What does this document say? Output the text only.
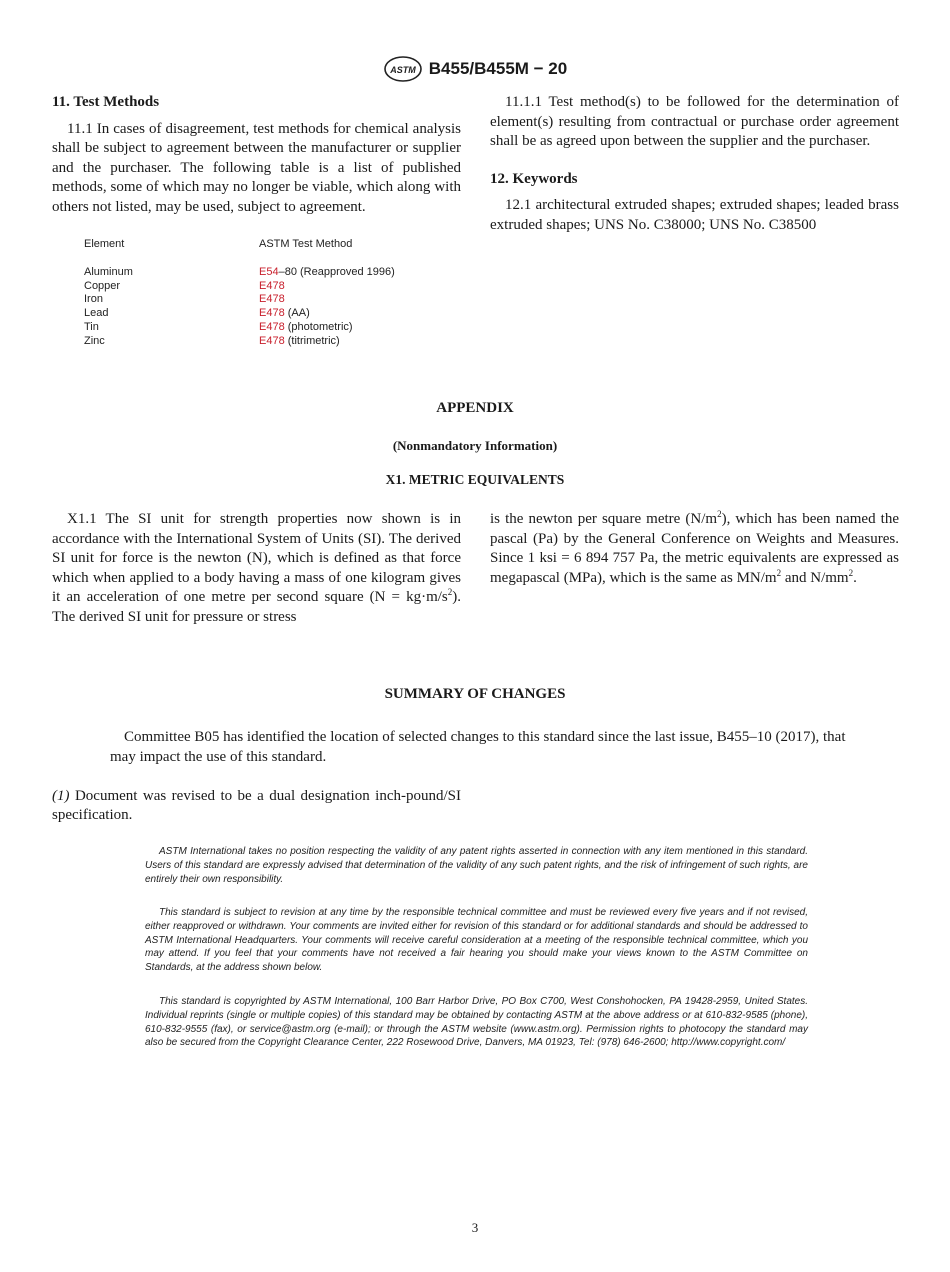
ASTM B455/B455M − 20
11. Test Methods

11.1 In cases of disagreement, test methods for chemical analysis shall be subject to agreement between the manufacturer or supplier and the purchaser. The following table is a list of published methods, some of which may no longer be viable, which along with others not listed, may be used, subject to agreement.

Element	ASTM Test Method
Aluminum	E54–80 (Reapproved 1996)
Copper	E478
Iron	E478
Lead	E478 (AA)
Tin	E478 (photometric)
Zinc	E478 (titrimetric)

11.1.1 Test method(s) to be followed for the determination of element(s) resulting from contractual or purchase order agreement shall be as agreed upon between the supplier and the purchaser.

12. Keywords

12.1 architectural extruded shapes; extruded shapes; leaded brass extruded shapes; UNS No. C38000; UNS No. C38500

APPENDIX
(Nonmandatory Information)
X1. METRIC EQUIVALENTS

X1.1 The SI unit for strength properties now shown is in accordance with the International System of Units (SI). The derived SI unit for force is the newton (N), which is defined as that force which when applied to a body having a mass of one kilogram gives it an acceleration of one metre per second square $(N = kg\cdot m/s^2)$. The derived SI unit for pressure or stress

is the newton per square metre $(N/m^2)$, which has been named the pascal (Pa) by the General Conference on Weights and Measures. Since 1 ksi = 6 894 757 Pa, the metric equivalents are expressed as megapascal (MPa), which is the same as $MN/m^2$ and $N/mm^2$.

SUMMARY OF CHANGES

Committee B05 has identified the location of selected changes to this standard since the last issue, B455–10 (2017), that may impact the use of this standard.

(1) Document was revised to be a dual designation inch-pound/SI specification.

ASTM International takes no position respecting the validity of any patent rights asserted in connection with any item mentioned in this standard. Users of this standard are expressly advised that determination of the validity of any such patent rights, and the risk of infringement of such rights, are entirely their own responsibility.

This standard is subject to revision at any time by the responsible technical committee and must be reviewed every five years and if not revised, either reapproved or withdrawn. Your comments are invited either for revision of this standard or for additional standards and should be addressed to ASTM International Headquarters. Your comments will receive careful consideration at a meeting of the responsible technical committee, which you may attend. If you feel that your comments have not received a fair hearing you should make your views known to the ASTM Committee on Standards, at the address shown below.

This standard is copyrighted by ASTM International, 100 Barr Harbor Drive, PO Box C700, West Conshohocken, PA 19428-2959, United States. Individual reprints (single or multiple copies) of this standard may be obtained by contacting ASTM at the above address or at 610-832-9585 (phone), 610-832-9555 (fax), or service@astm.org (e-mail); or through the ASTM website (www.astm.org). Permission rights to photocopy the standard may also be secured from the Copyright Clearance Center, 222 Rosewood Drive, Danvers, MA 01923, Tel: (978) 646-2600; http://www.copyright.com/

3
